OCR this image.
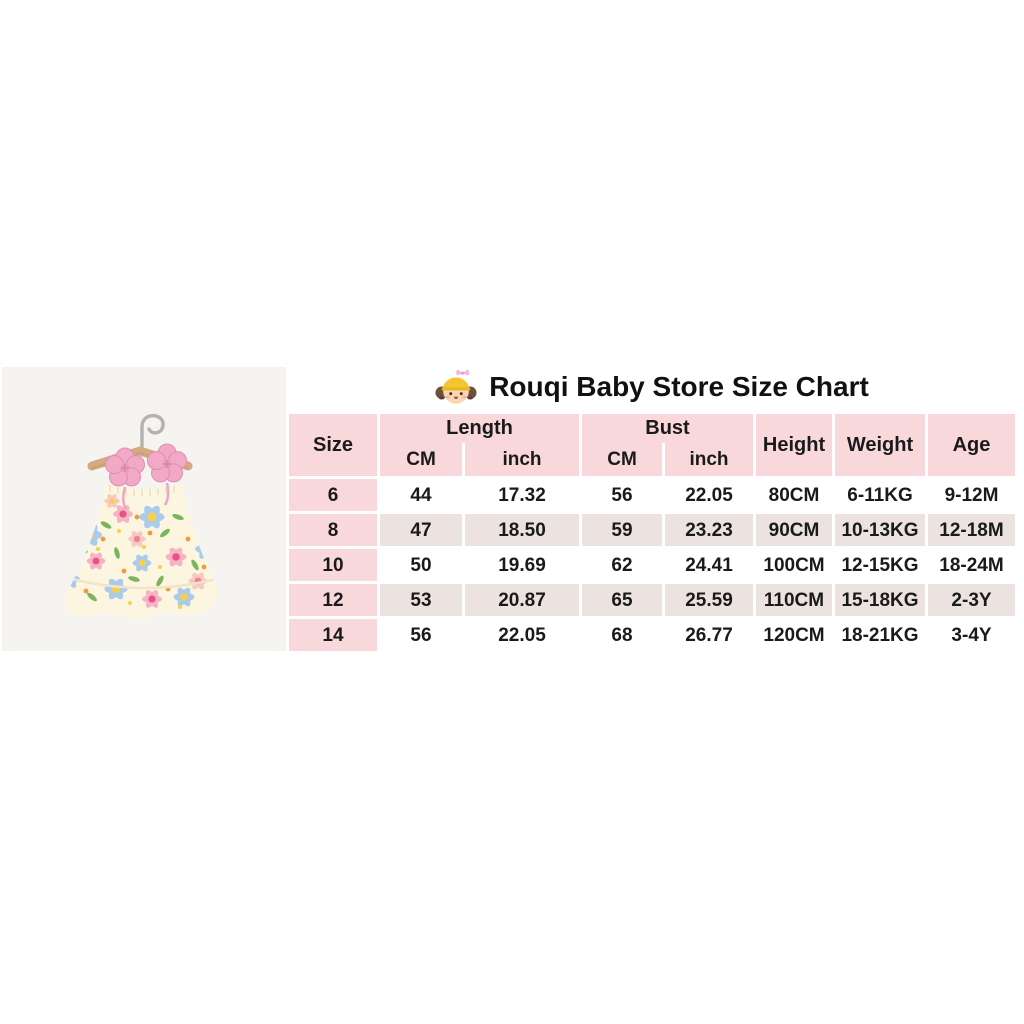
Rouqi Baby Store Size Chart
Size
Length
CM	inch
Bust
CM	inch
Height	Weight	Age
6	44	17.32	56	22.05	80CM	6-11KG	9-12M
8	47	18.50	59	23.23	90CM	10-13KG	12-18M
10	50	19.69	62	24.41	100CM 12-15KG	18-24M
12	53	20.87	65	25.59	110CM 15-18KG	2-3Y
14	56	22.05	68	26.77	120CM 18-21KG	3-4Y
